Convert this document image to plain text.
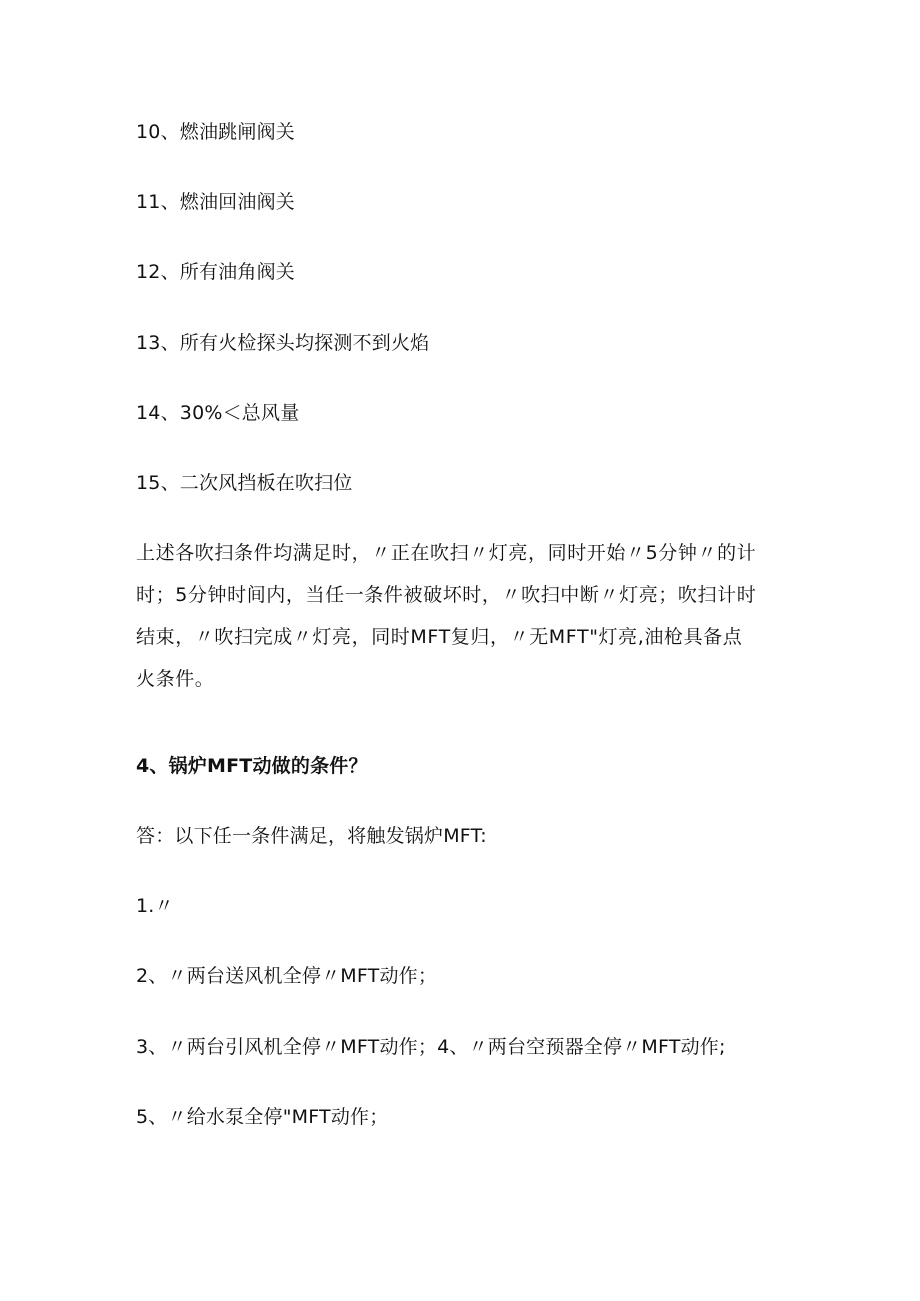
10、燃油跳闸阀关
11、燃油回油阀关
12、所有油角阀关
13、所有火检探头均探测不到火焰
14、30%＜总风量
15、二次风挡板在吹扫位
上述各吹扫条件均满足时，〃正在吹扫〃灯亮，同时开始〃5分钟〃的计
时；5分钟时间内，当任一条件被破坏时，〃吹扫中断〃灯亮；吹扫计时
结束，〃吹扫完成〃灯亮，同时MFT复归，〃无MFT"灯亮,油枪具备点
火条件。
4、锅炉MFT动做的条件？
答：以下任一条件满足，将触发锅炉MFT:
1.〃
2、〃两台送风机全停〃MFT动作；
3、〃两台引风机全停〃MFT动作；4、〃两台空预器全停〃MFT动作;
5、〃给水泵全停"MFT动作；
